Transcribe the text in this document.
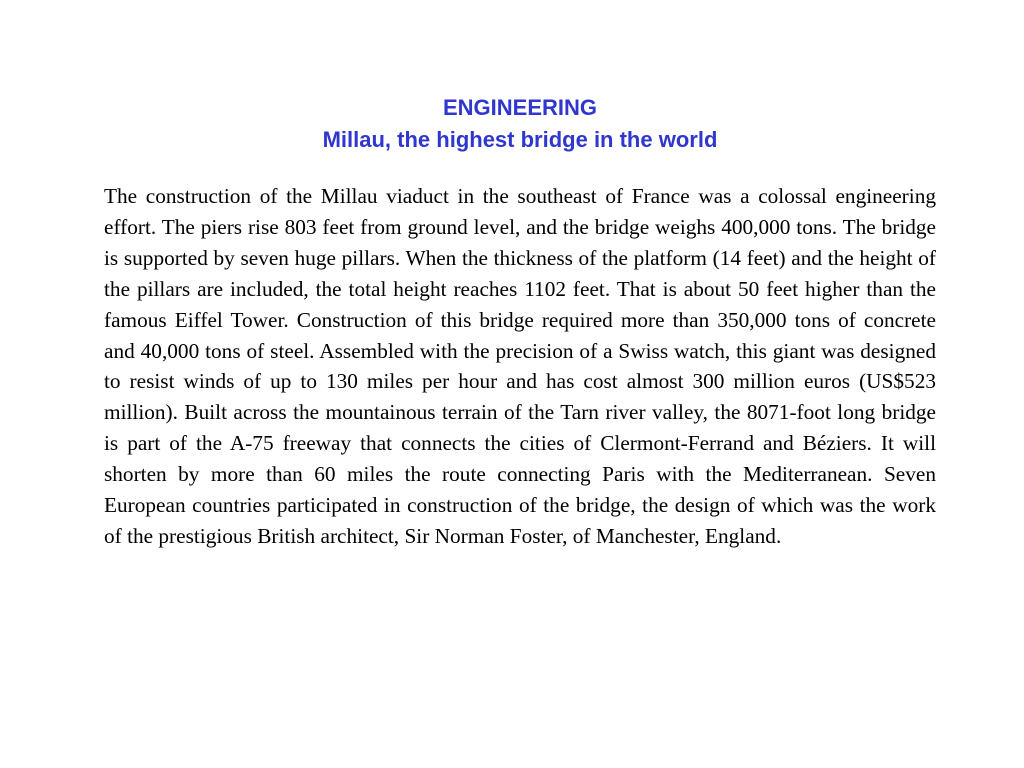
ENGINEERING
Millau, the highest bridge in the world

The construction of the Millau viaduct in the southeast of France was a colossal engineering effort. The piers rise 803 feet from ground level, and the bridge weighs 400,000 tons. The bridge is supported by seven huge pillars. When the thickness of the platform (14 feet) and the height of the pillars are included, the total height reaches 1102 feet. That is about 50 feet higher than the famous Eiffel Tower. Construction of this bridge required more than 350,000 tons of concrete and 40,000 tons of steel. Assembled with the precision of a Swiss watch, this giant was designed to resist winds of up to 130 miles per hour and has cost almost 300 million euros (US$523 million). Built across the mountainous terrain of the Tarn river valley, the 8071-foot long bridge is part of the A-75 freeway that connects the cities of Clermont-Ferrand and Béziers. It will shorten by more than 60 miles the route connecting Paris with the Mediterranean. Seven European countries participated in construction of the bridge, the design of which was the work of the prestigious British architect, Sir Norman Foster, of Manchester, England.
